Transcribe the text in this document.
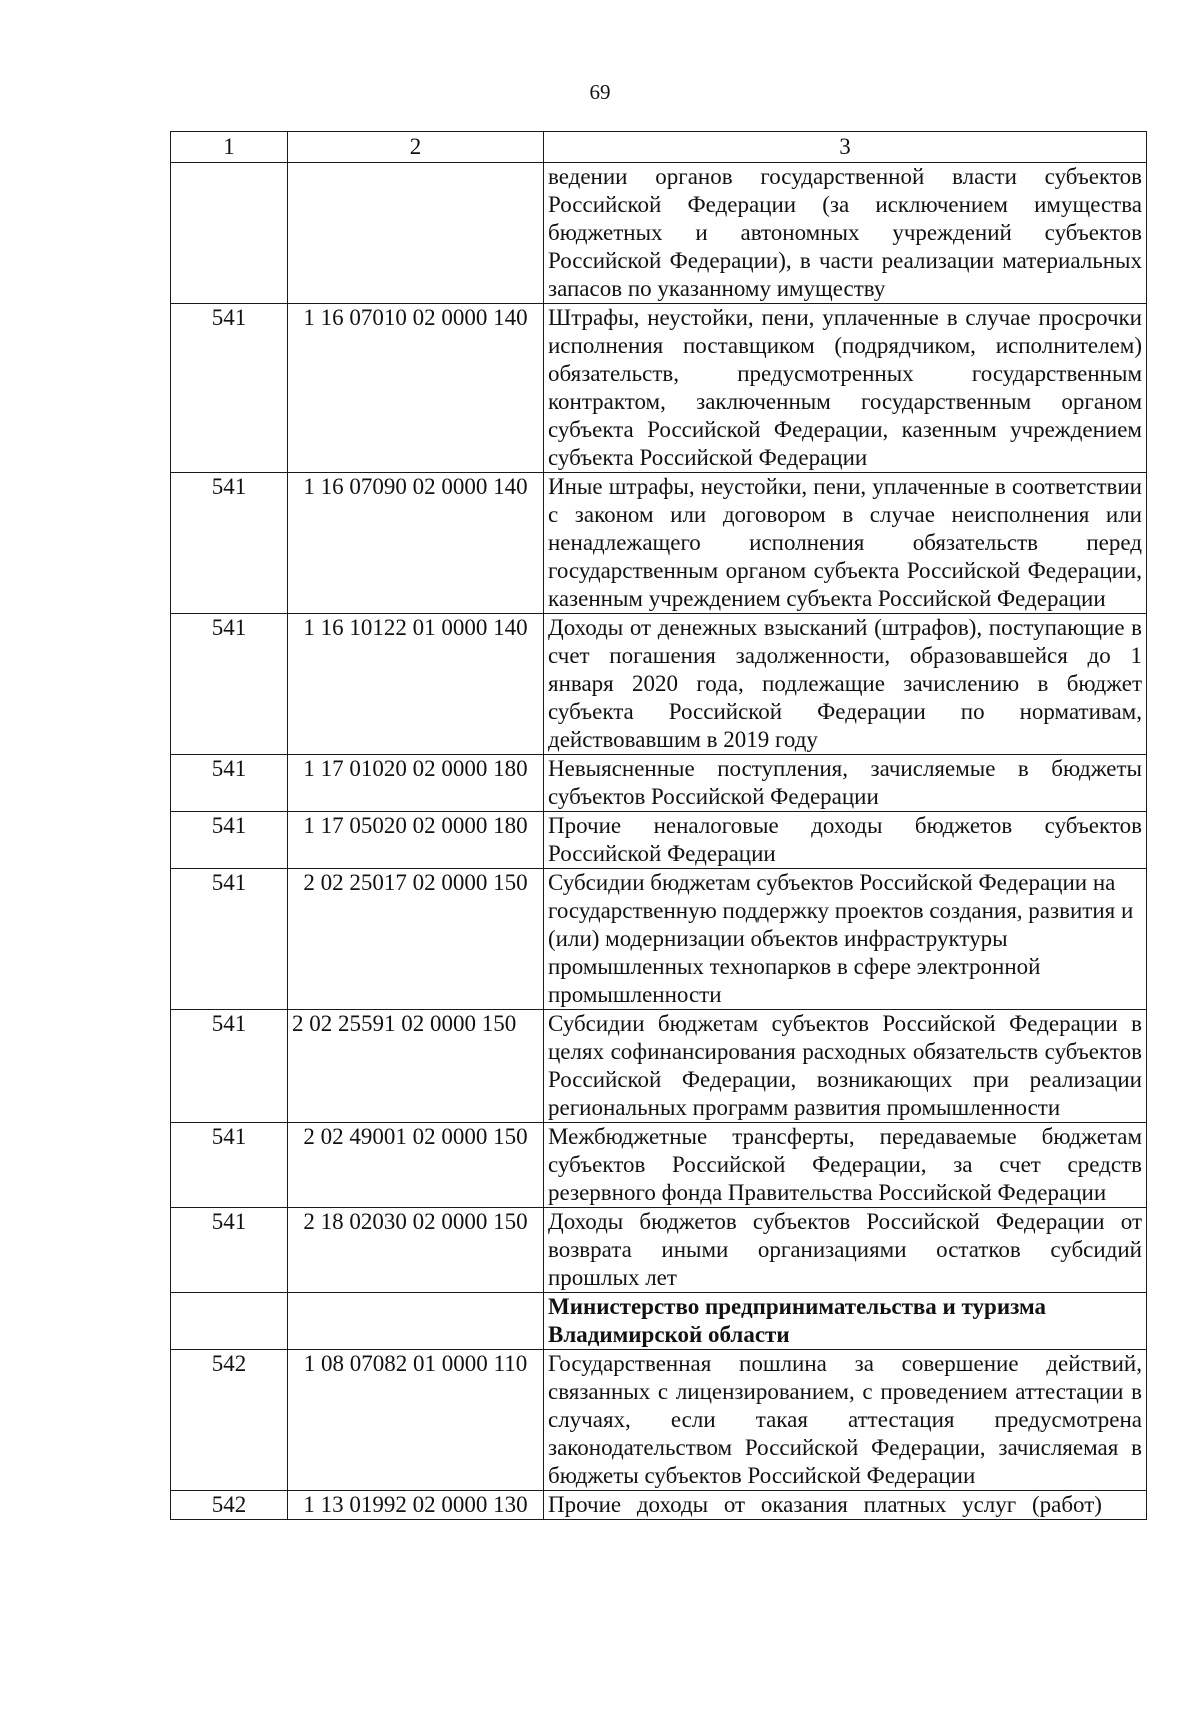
69
1	2	3
		ведении органов государственной власти субъектов Российской Федерации (за исключением имущества бюджетных и автономных учреждений субъектов Российской Федерации), в части реализации материальных запасов по указанному имуществу
541	1 16 07010 02 0000 140	Штрафы, неустойки, пени, уплаченные в случае просрочки исполнения поставщиком (подрядчиком, исполнителем) обязательств, предусмотренных государственным контрактом, заключенным государственным органом субъекта Российской Федерации, казенным учреждением субъекта Российской Федерации
541	1 16 07090 02 0000 140	Иные штрафы, неустойки, пени, уплаченные в соответствии с законом или договором в случае неисполнения или ненадлежащего исполнения обязательств перед государственным органом субъекта Российской Федерации, казенным учреждением субъекта Российской Федерации
541	1 16 10122 01 0000 140	Доходы от денежных взысканий (штрафов), поступающие в счет погашения задолженности, образовавшейся до 1 января 2020 года, подлежащие зачислению в бюджет субъекта Российской Федерации по нормативам, действовавшим в 2019 году
541	1 17 01020 02 0000 180	Невыясненные поступления, зачисляемые в бюджеты субъектов Российской Федерации
541	1 17 05020 02 0000 180	Прочие неналоговые доходы бюджетов субъектов Российской Федерации
541	2 02 25017 02 0000 150	Субсидии бюджетам субъектов Российской Федерации на государственную поддержку проектов создания, развития и (или) модернизации объектов инфраструктуры промышленных технопарков в сфере электронной промышленности
541	2 02 25591 02 0000 150	Субсидии бюджетам субъектов Российской Федерации в целях софинансирования расходных обязательств субъектов Российской Федерации, возникающих при реализации региональных программ развития промышленности
541	2 02 49001 02 0000 150	Межбюджетные трансферты, передаваемые бюджетам субъектов Российской Федерации, за счет средств резервного фонда Правительства Российской Федерации
541	2 18 02030 02 0000 150	Доходы бюджетов субъектов Российской Федерации от возврата иными организациями остатков субсидий прошлых лет

		Министерство предпринимательства и туризма
Владимирской области

542	1 08 07082 01 0000 110	Государственная пошлина за совершение действий, связанных с лицензированием, с проведением аттестации в случаях, если такая аттестация предусмотрена законодательством Российской Федерации, зачисляемая в бюджеты субъектов Российской Федерации
542	1 13 01992 02 0000 130	Прочие доходы от оказания платных услуг (работ)
